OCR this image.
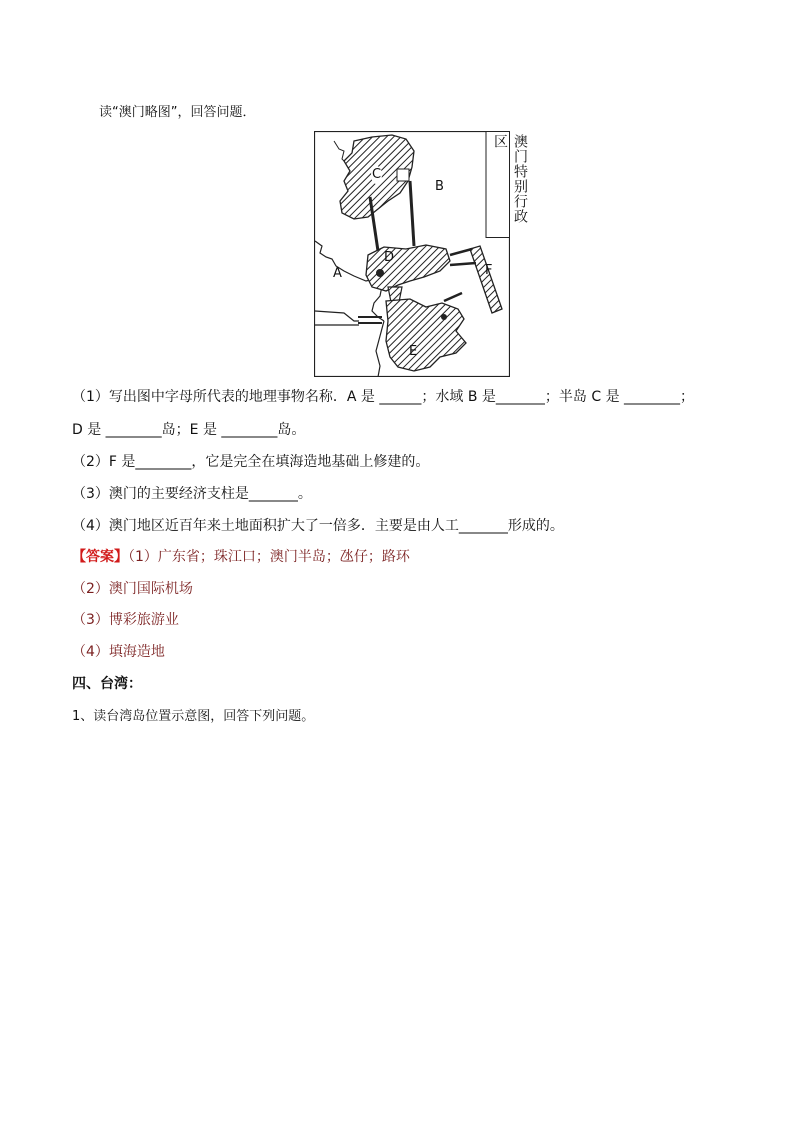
读“澳门略图”，回答问题．
澳门特别行政区
A
B
C
D
E
F
（1）写出图中字母所代表的地理事物名称．A 是 ______；水域 B 是_______；半岛 C 是 ________；
D 是 ________岛；E 是 ________岛。
（2）F 是________，它是完全在填海造地基础上修建的。
（3）澳门的主要经济支柱是_______。
（4）澳门地区近百年来土地面积扩大了一倍多．主要是由人工_______形成的。
【答案】（1）广东省；珠江口；澳门半岛；氹仔；路环
（2）澳门国际机场
（3）博彩旅游业
（4）填海造地
四、台湾：
1、读台湾岛位置示意图，回答下列问题。
